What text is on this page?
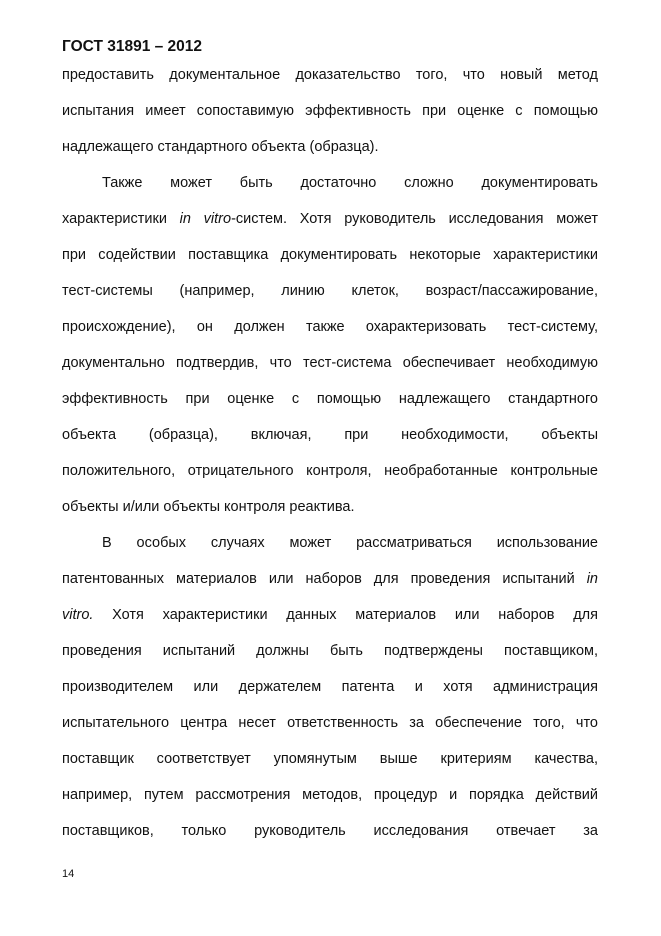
ГОСТ 31891 – 2012
предоставить документальное доказательство того, что новый метод
испытания имеет сопоставимую эффективность при оценке с помощью
надлежащего стандартного объекта (образца).
Также может быть достаточно сложно документировать
характеристики in vitro-систем. Хотя руководитель исследования может
при содействии поставщика документировать некоторые характеристики
тест-системы (например, линию клеток, возраст/пассажирование,
происхождение), он должен также охарактеризовать тест-систему,
документально подтвердив, что тест-система обеспечивает необходимую
эффективность при оценке с помощью надлежащего стандартного
объекта (образца), включая, при необходимости, объекты
положительного, отрицательного контроля, необработанные контрольные
объекты и/или объекты контроля реактива.
В особых случаях может рассматриваться использование
патентованных материалов или наборов для проведения испытаний in
vitro. Хотя характеристики данных материалов или наборов для
проведения испытаний должны быть подтверждены поставщиком,
производителем или держателем патента и хотя администрация
испытательного центра несет ответственность за обеспечение того, что
поставщик соответствует упомянутым выше критериям качества,
например, путем рассмотрения методов, процедур и порядка действий
поставщиков, только руководитель исследования отвечает за
14
